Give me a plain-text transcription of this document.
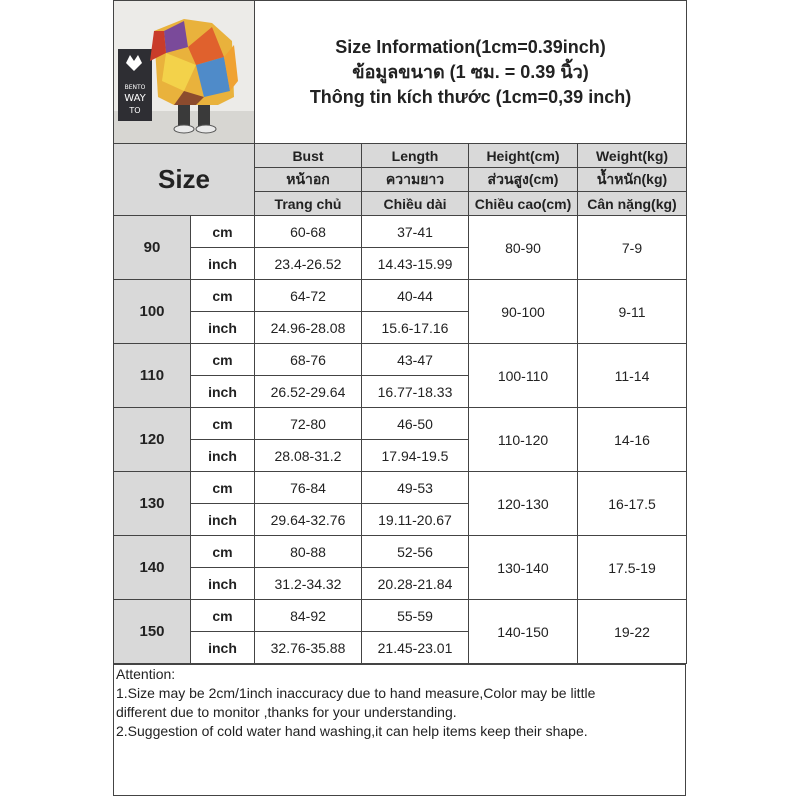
BENTO
WAY
TO		Size Information(1cm=0.39inch)
ข้อมูลขนาด (1 ซม. = 0.39 นิ้ว)
Thông tin kích thước (1cm=0,39 inch)			

Size		Bust	Length	Height(cm)	Weight(kg)
		หน้าอก	ความยาว	ส่วนสูง(cm)	น้ำหนัก(kg)
		Trang chủ	Chiều dài	Chiều cao(cm)	Cân nặng(kg)
90	cm	60-68	37-41	80-90	7-9
	inch	23.4-26.52	14.43-15.99		
100	cm	64-72	40-44	90-100	9-11
	inch	24.96-28.08	15.6-17.16		
110	cm	68-76	43-47	100-110	11-14
	inch	26.52-29.64	16.77-18.33		
120	cm	72-80	46-50	110-120	14-16
	inch	28.08-31.2	17.94-19.5		
130	cm	76-84	49-53	120-130	16-17.5
	inch	29.64-32.76	19.11-20.67		
140	cm	80-88	52-56	130-140	17.5-19
	inch	31.2-34.32	20.28-21.84		
150	cm	84-92	55-59	140-150	19-22
	inch	32.76-35.88	21.45-23.01		
Attention:
1.Size may be 2cm/1inch inaccuracy due to hand measure,Color may be little
different due to monitor ,thanks for your understanding.
2.Suggestion of cold water hand washing,it can help items keep their shape.
